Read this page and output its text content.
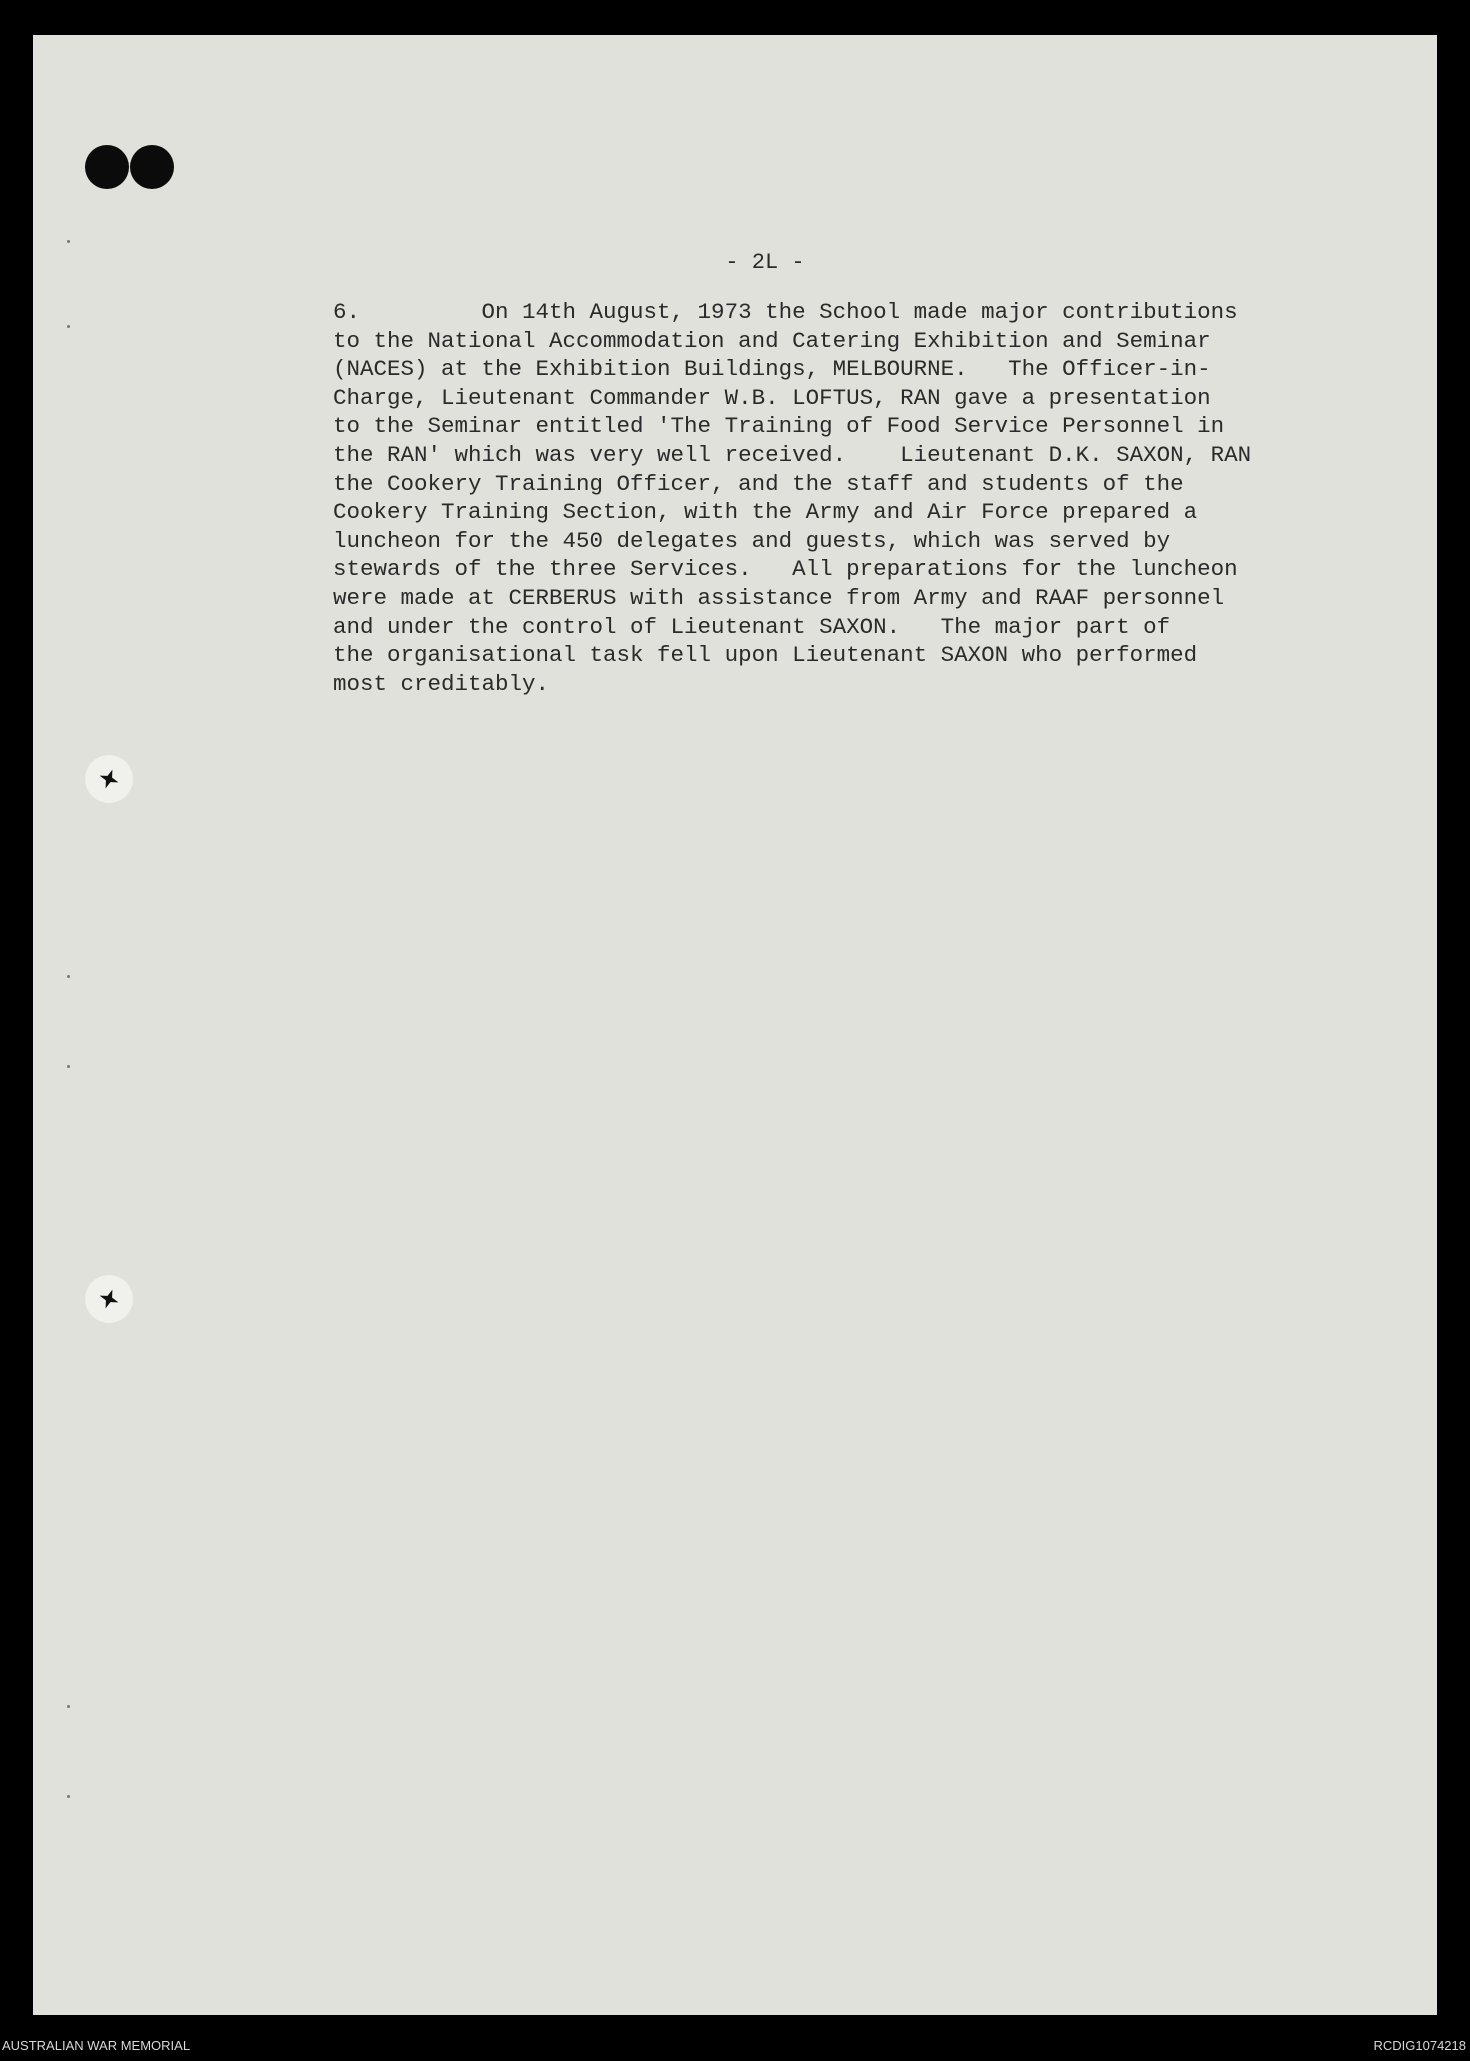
- 2L -
6.         On 14th August, 1973 the School made major contributions
to the National Accommodation and Catering Exhibition and Seminar
(NACES) at the Exhibition Buildings, MELBOURNE.   The Officer-in-
Charge, Lieutenant Commander W.B. LOFTUS, RAN gave a presentation
to the Seminar entitled 'The Training of Food Service Personnel in
the RAN' which was very well received.    Lieutenant D.K. SAXON, RAN
the Cookery Training Officer, and the staff and students of the
Cookery Training Section, with the Army and Air Force prepared a
luncheon for the 450 delegates and guests, which was served by
stewards of the three Services.   All preparations for the luncheon
were made at CERBERUS with assistance from Army and RAAF personnel
and under the control of Lieutenant SAXON.   The major part of
the organisational task fell upon Lieutenant SAXON who performed
most creditably.
AUSTRALIAN WAR MEMORIAL	RCDIG1074218
